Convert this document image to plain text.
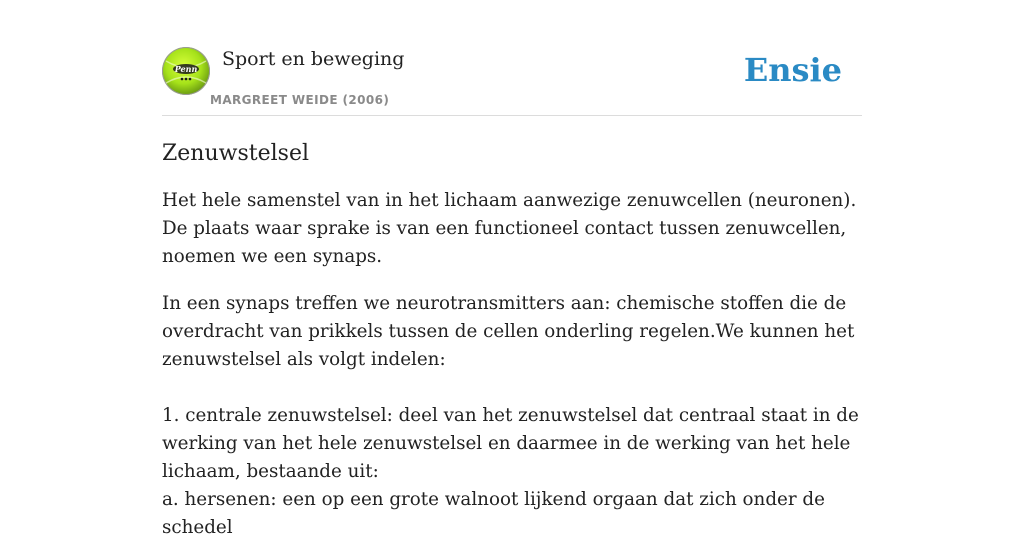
Penn Sport en beweging
MARGREET WEIDE (2006)
Ensie
Zenuwstelsel

Het hele samenstel van in het lichaam aanwezige zenuwcellen (neuronen). De plaats waar sprake is van een functioneel contact tussen zenuwcellen, noemen we een synaps.

In een synaps treffen we neurotransmitters aan: chemische stoffen die de overdracht van prikkels tussen de cellen onderling regelen.We kunnen het zenuwstelsel als volgt indelen:

1. centrale zenuwstelsel: deel van het zenuwstelsel dat centraal staat in de werking van het hele zenuwstelsel en daarmee in de werking van het hele lichaam, bestaande uit:
a. hersenen: een op een grote walnoot lijkend orgaan dat zich onder de schedel
